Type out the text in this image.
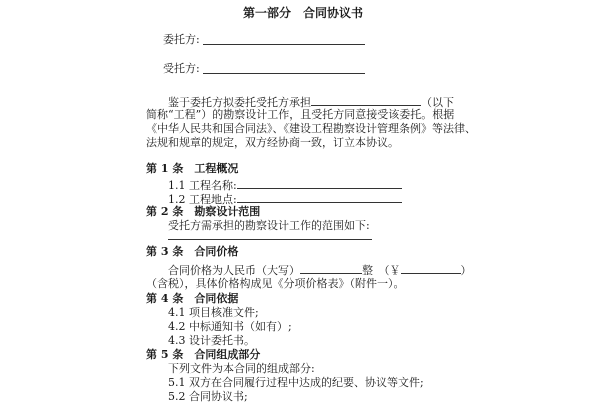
第一部分　合同协议书
委托方:
受托方:
鉴于委托方拟委托受托方承担	（以下
简称“工程”）的勘察设计工作，且受托方同意接受该委托。根据
《中华人民共和国合同法》、《建设工程勘察设计管理条例》等法律、
法规和规章的规定，双方经协商一致，订立本协议。
第 1 条　工程概况
1.1 工程名称:
1.2 工程地点:
第 2 条　勘察设计范围
受托方需承担的勘察设计工作的范围如下:
第 3 条　合同价格
合同价格为人民币（大写）	整　（￥	）
（含税），具体价格构成见《分项价格表》（附件一）。
第 4 条　合同依据
4.1 项目核准文件;
4.2 中标通知书（如有）;
4.3 设计委托书。
第 5 条　合同组成部分
下列文件为本合同的组成部分:
5.1 双方在合同履行过程中达成的纪要、协议等文件;
5.2 合同协议书;
